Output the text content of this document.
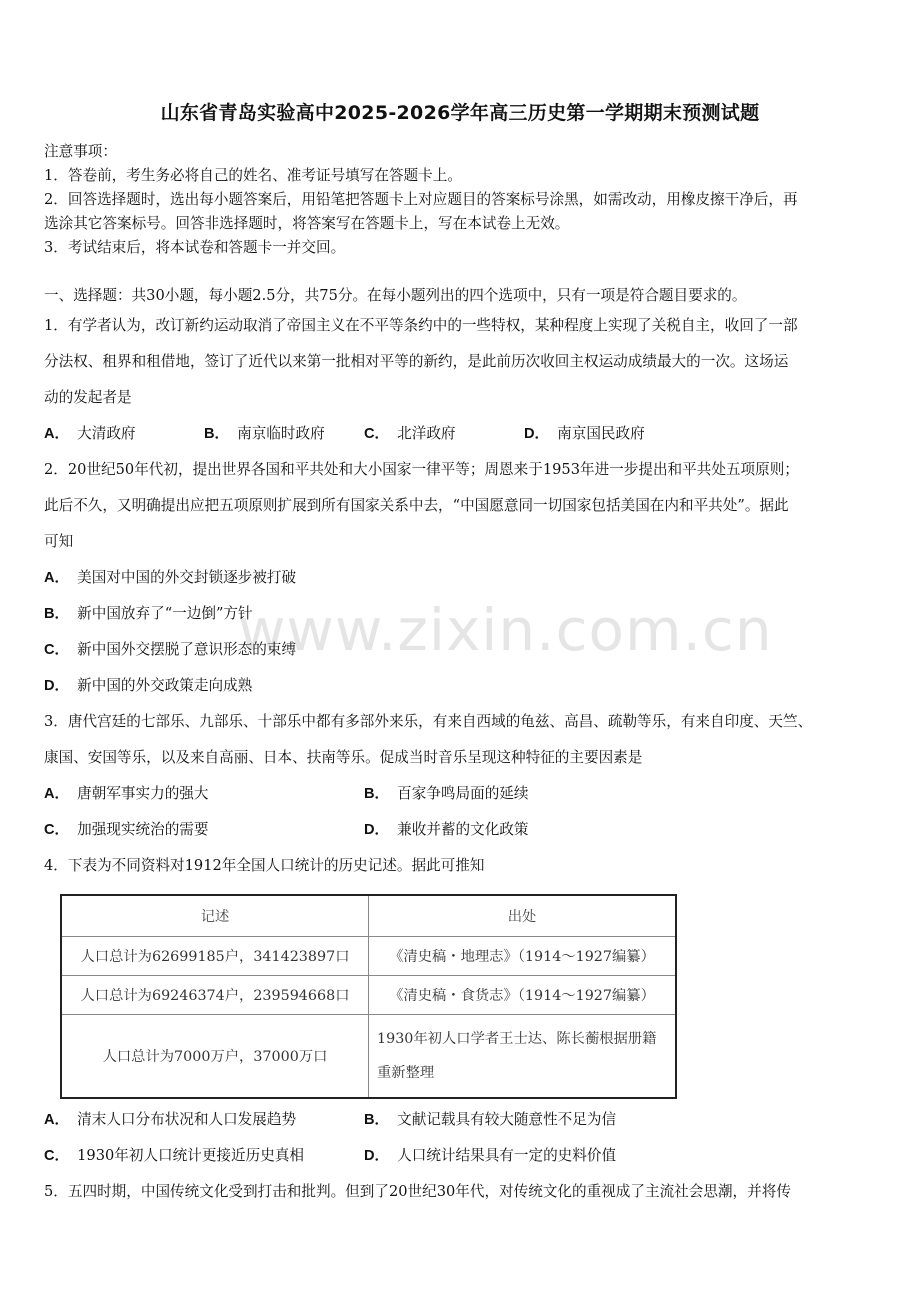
www.zixin.com.cn
山东省青岛实验高中2025-2026学年高三历史第一学期期末预测试题
注意事项：
1．答卷前，考生务必将自己的姓名、准考证号填写在答题卡上。
2．回答选择题时，选出每小题答案后，用铅笔把答题卡上对应题目的答案标号涂黑，如需改动，用橡皮擦干净后，再
选涂其它答案标号。回答非选择题时，将答案写在答题卡上，写在本试卷上无效。
3．考试结束后，将本试卷和答题卡一并交回。
一、选择题：共30小题，每小题2.5分，共75分。在每小题列出的四个选项中，只有一项是符合题目要求的。
1．有学者认为，改订新约运动取消了帝国主义在不平等条约中的一些特权，某种程度上实现了关税自主，收回了一部
分法权、租界和租借地，签订了近代以来第一批相对平等的新约，是此前历次收回主权运动成绩最大的一次。这场运
动的发起者是
A． 大清政府	B． 南京临时政府	C． 北洋政府	D． 南京国民政府
2．20世纪50年代初，提出世界各国和平共处和大小国家一律平等；周恩来于1953年进一步提出和平共处五项原则；
此后不久，又明确提出应把五项原则扩展到所有国家关系中去，“中国愿意同一切国家包括美国在内和平共处”。据此
可知
A． 美国对中国的外交封锁逐步被打破
B． 新中国放弃了“一边倒”方针
C． 新中国外交摆脱了意识形态的束缚
D． 新中国的外交政策走向成熟
3．唐代宫廷的七部乐、九部乐、十部乐中都有多部外来乐，有来自西域的龟兹、高昌、疏勒等乐，有来自印度、天竺、
康国、安国等乐，以及来自高丽、日本、扶南等乐。促成当时音乐呈现这种特征的主要因素是
A． 唐朝军事实力的强大	B． 百家争鸣局面的延续
C． 加强现实统治的需要	D． 兼收并蓄的文化政策
4．下表为不同资料对1912年全国人口统计的历史记述。据此可推知
记述	出处
人口总计为62699185户，341423897口	《清史稿・地理志》（1914～1927编纂）
人口总计为69246374户，239594668口	《清史稿・食货志》（1914～1927编纂）
人口总计为7000万户，37000万口	1930年初人口学者王士达、陈长蘅根据册籍重新整理
A． 清末人口分布状况和人口发展趋势	B． 文献记载具有较大随意性不足为信
C． 1930年初人口统计更接近历史真相	D． 人口统计结果具有一定的史料价值
5．五四时期，中国传统文化受到打击和批判。但到了20世纪30年代，对传统文化的重视成了主流社会思潮，并将传
